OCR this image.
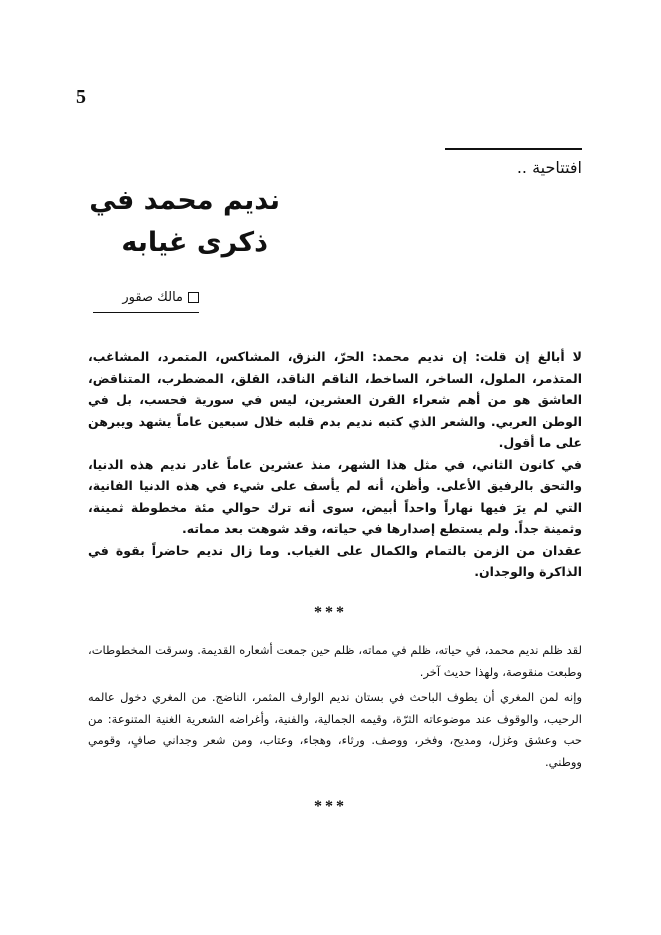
5
افتتاحية ..
نديم محمد في
ذكرى غيابه
مالك صقور

لا أبالغ إن قلت: إن نديم محمد: الحرّ، النزق، المشاكس، المتمرد، المشاغب، المتذمر، الملول، الساخر، الساخط، الناقم الناقد، القلق، المضطرب، المتناقض، العاشق هو من أهم شعراء القرن العشرين، ليس في سورية فحسب، بل في الوطن العربي. والشعر الذي كتبه نديم بدم قلبه خلال سبعين عاماً يشهد ويبرهن على ما أقول.

في كانون الثاني، في مثل هذا الشهر، منذ عشرين عاماً غادر نديم هذه الدنيا، والتحق بالرفيق الأعلى. وأظن، أنه لم يأسف على شيء في هذه الدنيا الفانية، التي لم يرَ فيها نهاراً واحداً أبيض، سوى أنه ترك حوالي مئة مخطوطة ثمينة، وثمينة جداً. ولم يستطع إصدارها في حياته، وقد شوهت بعد مماته.

عقدان من الزمن بالتمام والكمال على الغياب. وما زال نديم حاضراً بقوة في الذاكرة والوجدان.

***

لقد ظلم نديم محمد، في حياته، ظلم في مماته، ظلم حين جمعت أشعاره القديمة. وسرقت المخطوطات، وطبعت منقوصة، ولهذا حديث آخر.

وإنه لمن المغري أن يطوف الباحث في بستان نديم الوارف المثمر، الناضج. من المغري دخول عالمه الرحيب، والوقوف عند موضوعاته الثرّة، وقيمه الجمالية، والفنية، وأغراضه الشعرية الغنية المتنوعة: من حب وعشق وغزل، ومديح، وفخر، ووصف. ورثاء، وهجاء، وعتاب، ومن شعر وجداني صافٍ، وقومي ووطني.

***
